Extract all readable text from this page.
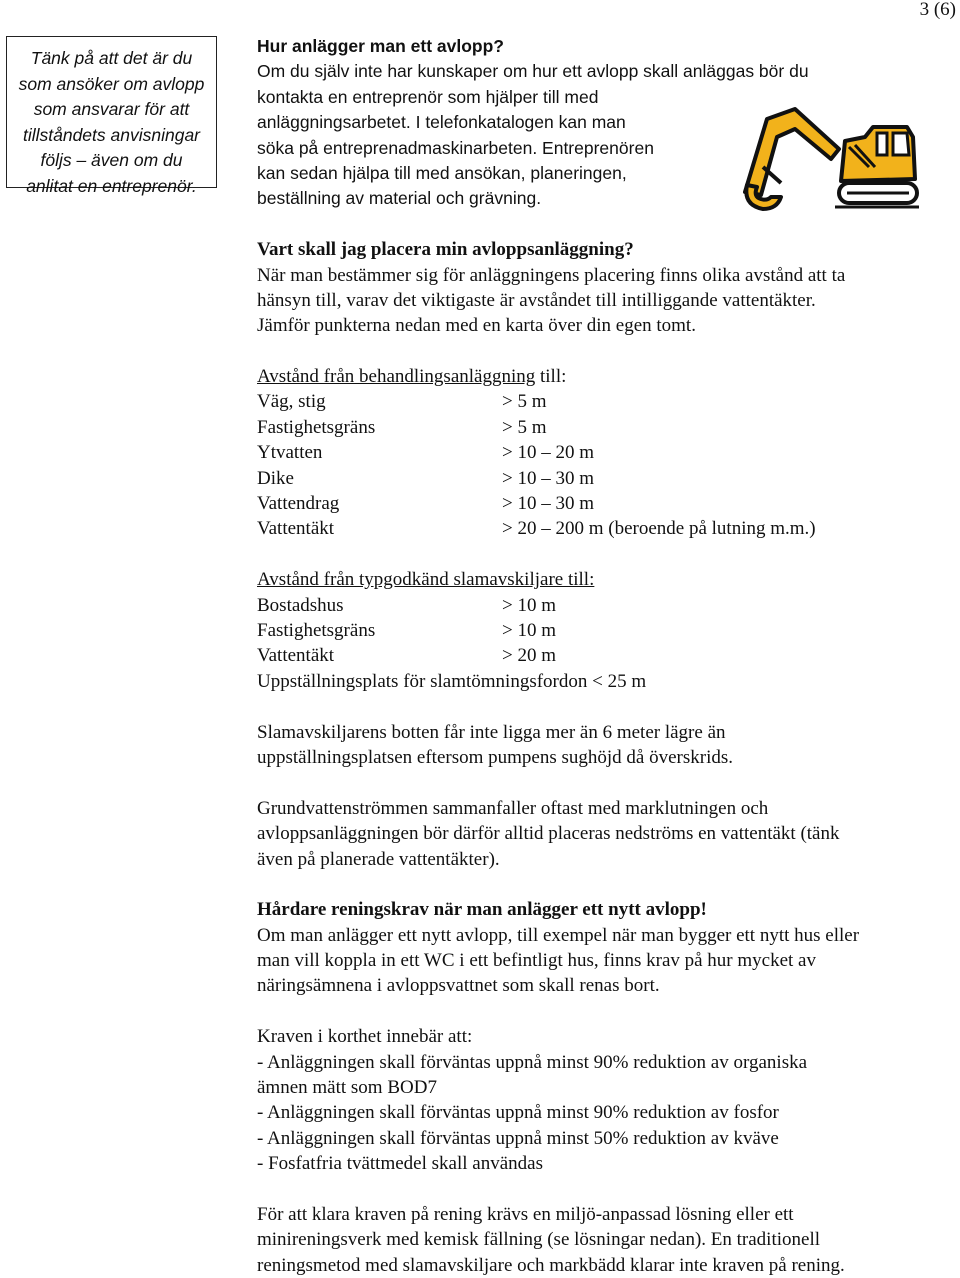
3 (6)
Tänk på att det är du
som ansöker om avlopp
som ansvarar för att
tillståndets anvisningar
följs – även om du
anlitat en entreprenör.
Hur anlägger man ett avlopp?
Om du själv inte har kunskaper om hur ett avlopp skall anläggas bör du
kontakta en entreprenör som hjälper till med
anläggningsarbetet. I telefonkatalogen kan man
söka på entreprenadmaskinarbeten. Entreprenören
kan sedan hjälpa till med ansökan, planeringen,
beställning av material och grävning.
Vart skall jag placera min avloppsanläggning?
När man bestämmer sig för anläggningens placering finns olika avstånd att ta
hänsyn till, varav det viktigaste är avståndet till intilliggande vattentäkter.
Jämför punkterna nedan med en karta över din egen tomt.
Avstånd från behandlingsanläggning till:
Väg, stig	> 5 m
Fastighetsgräns	> 5 m
Ytvatten	> 10 – 20 m
Dike	> 10 – 30 m
Vattendrag	> 10 – 30 m
Vattentäkt	> 20 – 200 m (beroende på lutning m.m.)
Avstånd från typgodkänd slamavskiljare till:
Bostadshus	> 10 m
Fastighetsgräns	> 10 m
Vattentäkt	> 20 m
Uppställningsplats för slamtömningsfordon < 25 m
Slamavskiljarens botten får inte ligga mer än 6 meter lägre än
uppställningsplatsen eftersom pumpens sughöjd då överskrids.
Grundvattenströmmen sammanfaller oftast med marklutningen och
avloppsanläggningen bör därför alltid placeras nedströms en vattentäkt (tänk
även på planerade vattentäkter).
Hårdare reningskrav när man anlägger ett nytt avlopp!
Om man anlägger ett nytt avlopp, till exempel när man bygger ett nytt hus eller
man vill koppla in ett WC i ett befintligt hus, finns krav på hur mycket av
näringsämnena i avloppsvattnet som skall renas bort.
Kraven i korthet innebär att:
- Anläggningen skall förväntas uppnå minst 90% reduktion av organiska
ämnen mätt som BOD7
- Anläggningen skall förväntas uppnå minst 90% reduktion av fosfor
- Anläggningen skall förväntas uppnå minst 50% reduktion av kväve
- Fosfatfria tvättmedel skall användas
För att klara kraven på rening krävs en miljö-anpassad lösning eller ett
minireningsverk med kemisk fällning (se lösningar nedan). En traditionell
reningsmetod med slamavskiljare och markbädd klarar inte kraven på rening.
